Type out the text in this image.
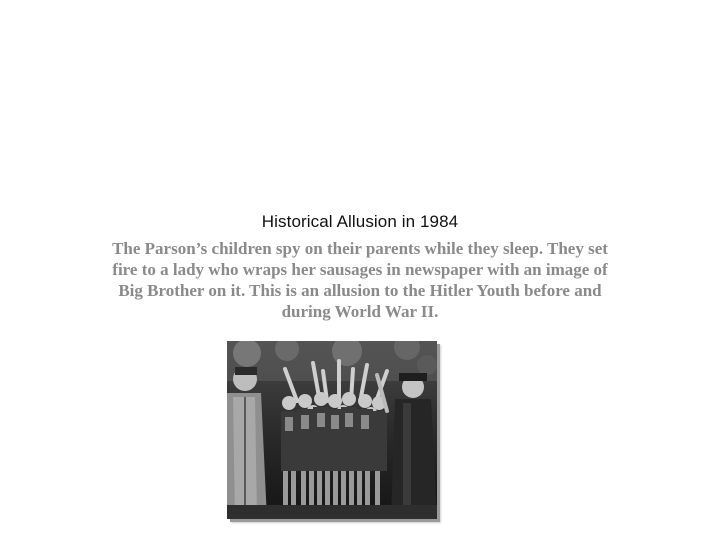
Historical Allusion in 1984
The Parson’s children spy on their parents while they sleep. They set fire to a lady who wraps her sausages in newspaper with an image of Big Brother on it. This is an allusion to the Hitler Youth before and during World War II.
